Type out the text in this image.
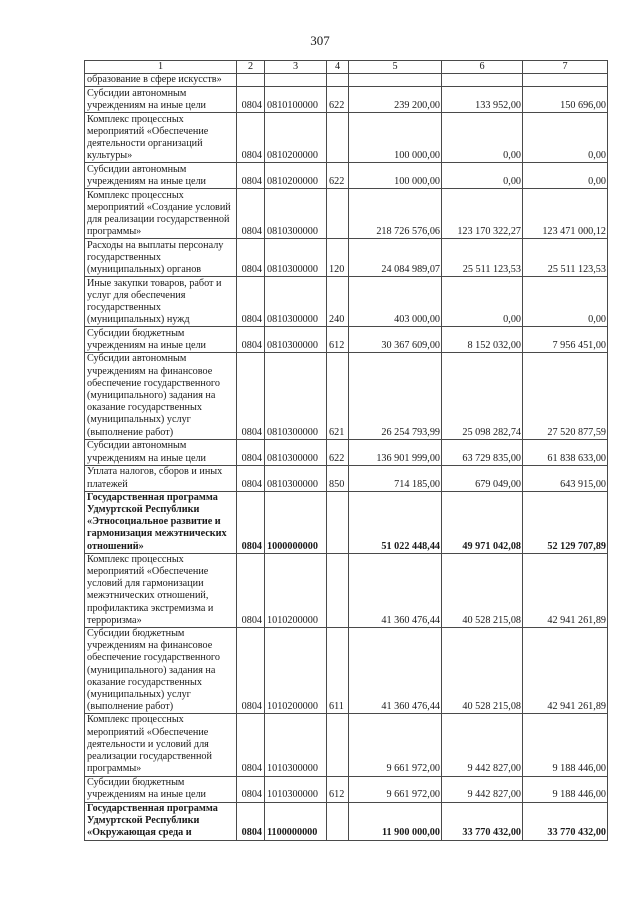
307
1	2	3	4	5	6	7
образование в сфере искусств»						
Субсидии автономным учреждениям на иные цели	0804	0810100000	622	239 200,00	133 952,00	150 696,00
Комплекс процессных мероприятий «Обеспечение деятельности организаций культуры»	0804	0810200000		100 000,00	0,00	0,00
Субсидии автономным учреждениям на иные цели	0804	0810200000	622	100 000,00	0,00	0,00
Комплекс процессных мероприятий «Создание условий для реализации государственной программы»	0804	0810300000		218 726 576,06	123 170 322,27	123 471 000,12
Расходы на выплаты персоналу государственных (муниципальных) органов	0804	0810300000	120	24 084 989,07	25 511 123,53	25 511 123,53
Иные закупки товаров, работ и услуг для обеспечения государственных (муниципальных) нужд	0804	0810300000	240	403 000,00	0,00	0,00
Субсидии бюджетным учреждениям на иные цели	0804	0810300000	612	30 367 609,00	8 152 032,00	7 956 451,00
Субсидии автономным учреждениям на финансовое обеспечение государственного (муниципального) задания на оказание государственных (муниципальных) услуг (выполнение работ)	0804	0810300000	621	26 254 793,99	25 098 282,74	27 520 877,59
Субсидии автономным учреждениям на иные цели	0804	0810300000	622	136 901 999,00	63 729 835,00	61 838 633,00
Уплата налогов, сборов и иных платежей	0804	0810300000	850	714 185,00	679 049,00	643 915,00
Государственная программа Удмуртской Республики «Этносоциальное развитие и гармонизация межэтнических отношений»	0804	1000000000		51 022 448,44	49 971 042,08	52 129 707,89
Комплекс процессных мероприятий «Обеспечение условий для гармонизации межэтнических отношений, профилактика экстремизма и терроризма»	0804	1010200000		41 360 476,44	40 528 215,08	42 941 261,89
Субсидии бюджетным учреждениям на финансовое обеспечение государственного (муниципального) задания на оказание государственных (муниципальных) услуг (выполнение работ)	0804	1010200000	611	41 360 476,44	40 528 215,08	42 941 261,89
Комплекс процессных мероприятий «Обеспечение деятельности и условий для реализации государственной программы»	0804	1010300000		9 661 972,00	9 442 827,00	9 188 446,00
Субсидии бюджетным учреждениям на иные цели	0804	1010300000	612	9 661 972,00	9 442 827,00	9 188 446,00
Государственная программа Удмуртской Республики «Окружающая среда и	0804	1100000000		11 900 000,00	33 770 432,00	33 770 432,00
